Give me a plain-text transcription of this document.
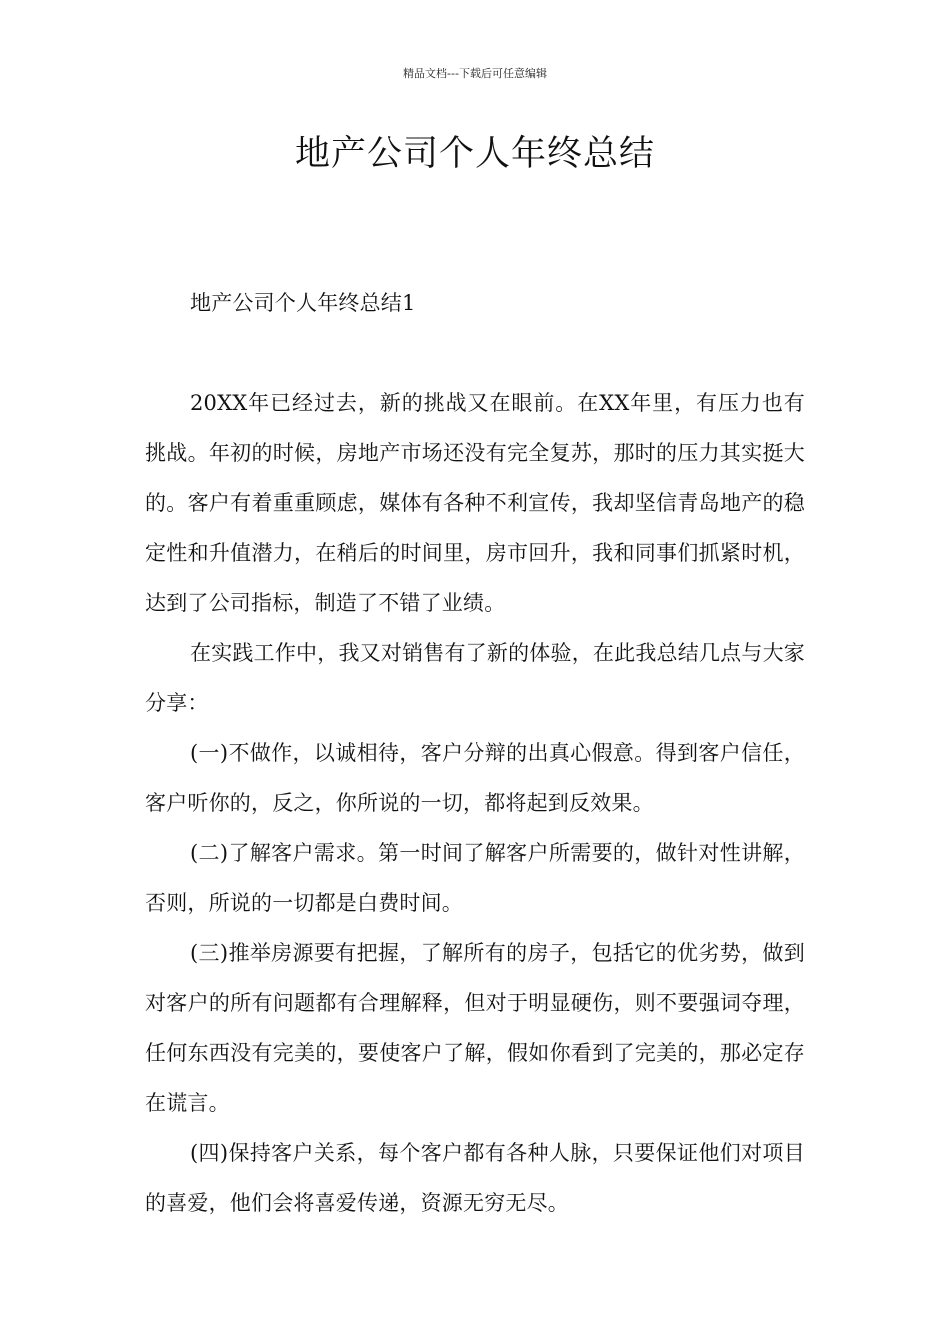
精品文档---下载后可任意编辑
地产公司个人年终总结
地产公司个人年终总结1

20XX年已经过去，新的挑战又在眼前。在XX年里，有压力也有挑战。年初的时候，房地产市场还没有完全复苏，那时的压力其实挺大的。客户有着重重顾虑，媒体有各种不利宣传，我却坚信青岛地产的稳定性和升值潜力，在稍后的时间里，房市回升，我和同事们抓紧时机，达到了公司指标，制造了不错了业绩。

在实践工作中，我又对销售有了新的体验，在此我总结几点与大家分享：

(一)不做作，以诚相待，客户分辩的出真心假意。得到客户信任，客户听你的，反之，你所说的一切，都将起到反效果。

(二)了解客户需求。第一时间了解客户所需要的，做针对性讲解，否则，所说的一切都是白费时间。

(三)推举房源要有把握，了解所有的房子，包括它的优劣势，做到对客户的所有问题都有合理解释，但对于明显硬伤，则不要强词夺理，任何东西没有完美的，要使客户了解，假如你看到了完美的，那必定存在谎言。

(四)保持客户关系，每个客户都有各种人脉，只要保证他们对项目的喜爱，他们会将喜爱传递，资源无穷无尽。
